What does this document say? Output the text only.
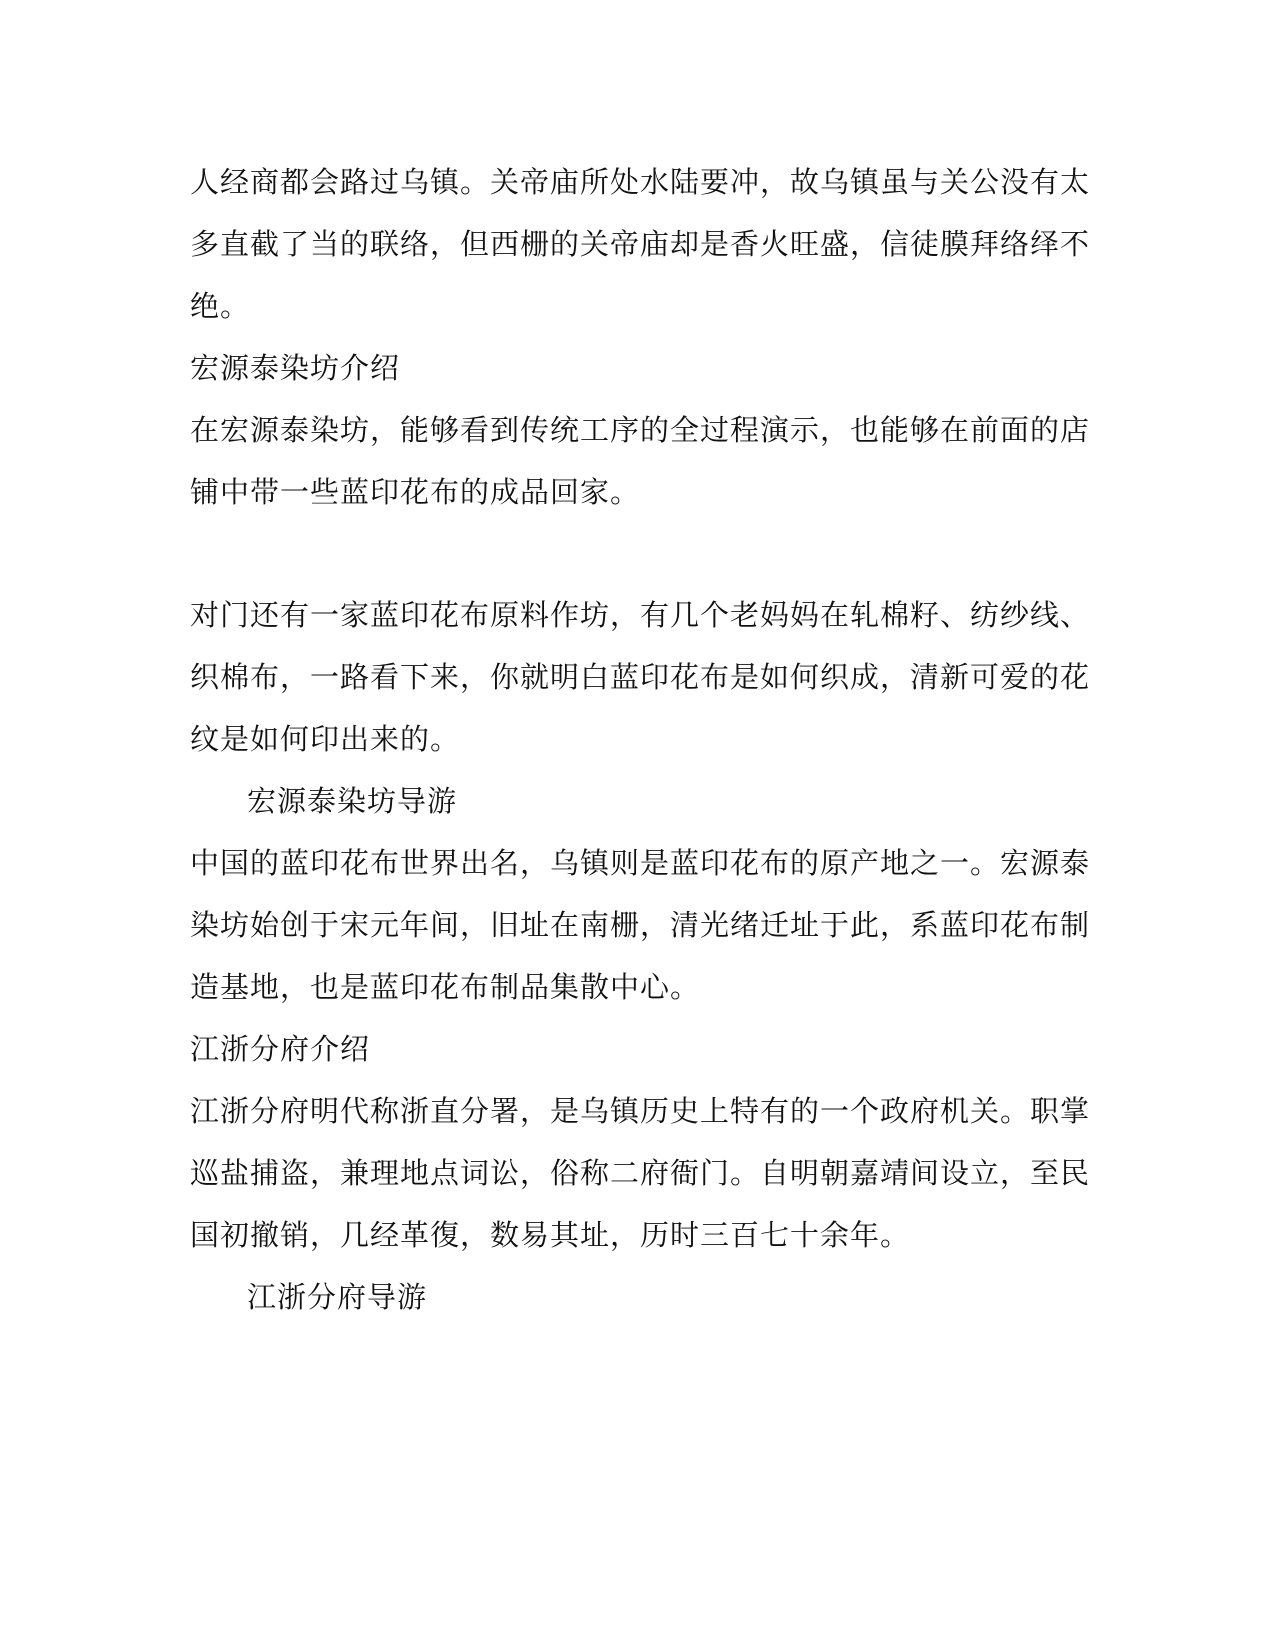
人经商都会路过乌镇。关帝庙所处水陆要冲，故乌镇虽与关公没有太
多直截了当的联络，但西栅的关帝庙却是香火旺盛，信徒膜拜络绎不
绝。
宏源泰染坊介绍
在宏源泰染坊，能够看到传统工序的全过程演示，也能够在前面的店
铺中带一些蓝印花布的成品回家。
对门还有一家蓝印花布原料作坊，有几个老妈妈在轧棉籽、纺纱线、
织棉布，一路看下来，你就明白蓝印花布是如何织成，清新可爱的花
纹是如何印出来的。
宏源泰染坊导游
中国的蓝印花布世界出名，乌镇则是蓝印花布的原产地之一。宏源泰
染坊始创于宋元年间，旧址在南栅，清光绪迁址于此，系蓝印花布制
造基地，也是蓝印花布制品集散中心。
江浙分府介绍
江浙分府明代称浙直分署，是乌镇历史上特有的一个政府机关。职掌
巡盐捕盗，兼理地点词讼，俗称二府衙门。自明朝嘉靖间设立，至民
国初撤销，几经革復，数易其址，历时三百七十余年。
江浙分府导游
